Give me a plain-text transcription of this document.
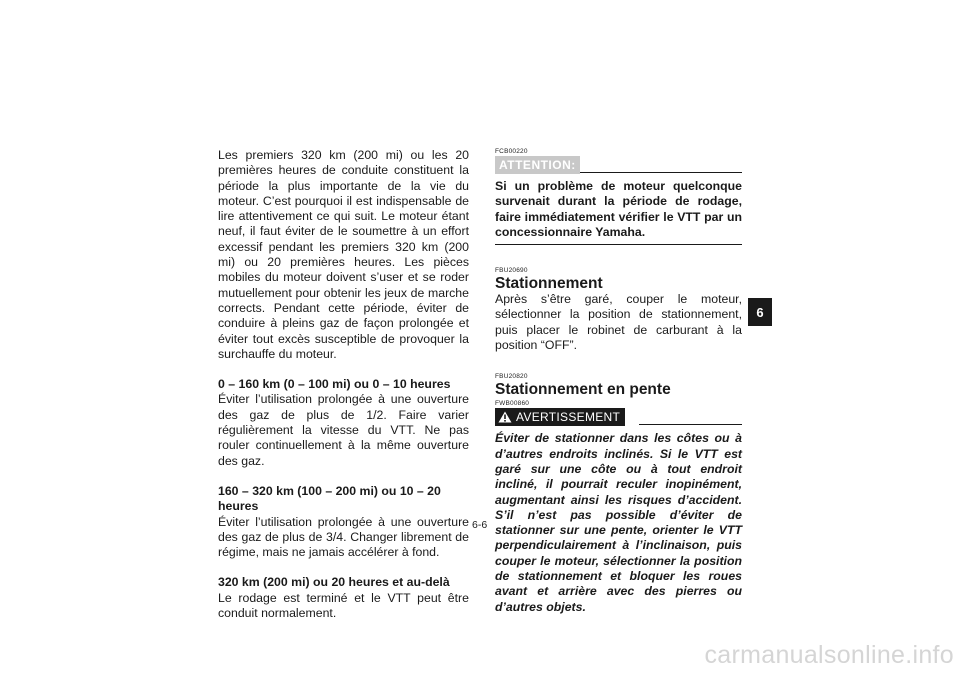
Les premiers 320 km (200 mi) ou les 20 premières heures de conduite constituent la période la plus importante de la vie du moteur. C’est pourquoi il est indispensable de lire attentivement ce qui suit. Le moteur étant neuf, il faut éviter de le soumettre à un effort excessif pendant les premiers 320 km (200 mi) ou 20 premières heures. Les pièces mobiles du moteur doivent s’user et se roder mutuellement pour obtenir les jeux de marche corrects. Pendant cette période, éviter de conduire à pleins gaz de façon prolongée et éviter tout excès susceptible de provoquer la surchauffe du moteur.

0 – 160 km (0 – 100 mi) ou 0 – 10 heures

Éviter l’utilisation prolongée à une ouverture des gaz de plus de 1/2. Faire varier régulièrement la vitesse du VTT. Ne pas rouler continuellement à la même ouverture des gaz.

160 – 320 km (100 – 200 mi) ou 10 – 20 heures

Éviter l’utilisation prolongée à une ouverture des gaz de plus de 3/4. Changer librement de régime, mais ne jamais accélérer à fond.

320 km (200 mi) ou 20 heures et au-delà

Le rodage est terminé et le VTT peut être conduit normalement.

FCB00220
ATTENTION:

Si un problème de moteur quelconque survenait durant la période de rodage, faire immédiatement vérifier le VTT par un concessionnaire Yamaha.

FBU20690
Stationnement

Après s’être garé, couper le moteur, sélectionner la position de stationnement, puis placer le robinet de carburant à la position “OFF”.

FBU20820
Stationnement en pente
FWB00860
AVERTISSEMENT

Éviter de stationner dans les côtes ou à d’autres endroits inclinés. Si le VTT est garé sur une côte ou à tout endroit incliné, il pourrait reculer inopinément, augmentant ainsi les risques d’accident. S’il n’est pas possible d’éviter de stationner sur une pente, orienter le VTT perpendiculairement à l’inclinaison, puis couper le moteur, sélectionner la position de stationnement et bloquer les roues avant et arrière avec des pierres ou d’autres objets.

6-6
6
carmanualsonline.info
